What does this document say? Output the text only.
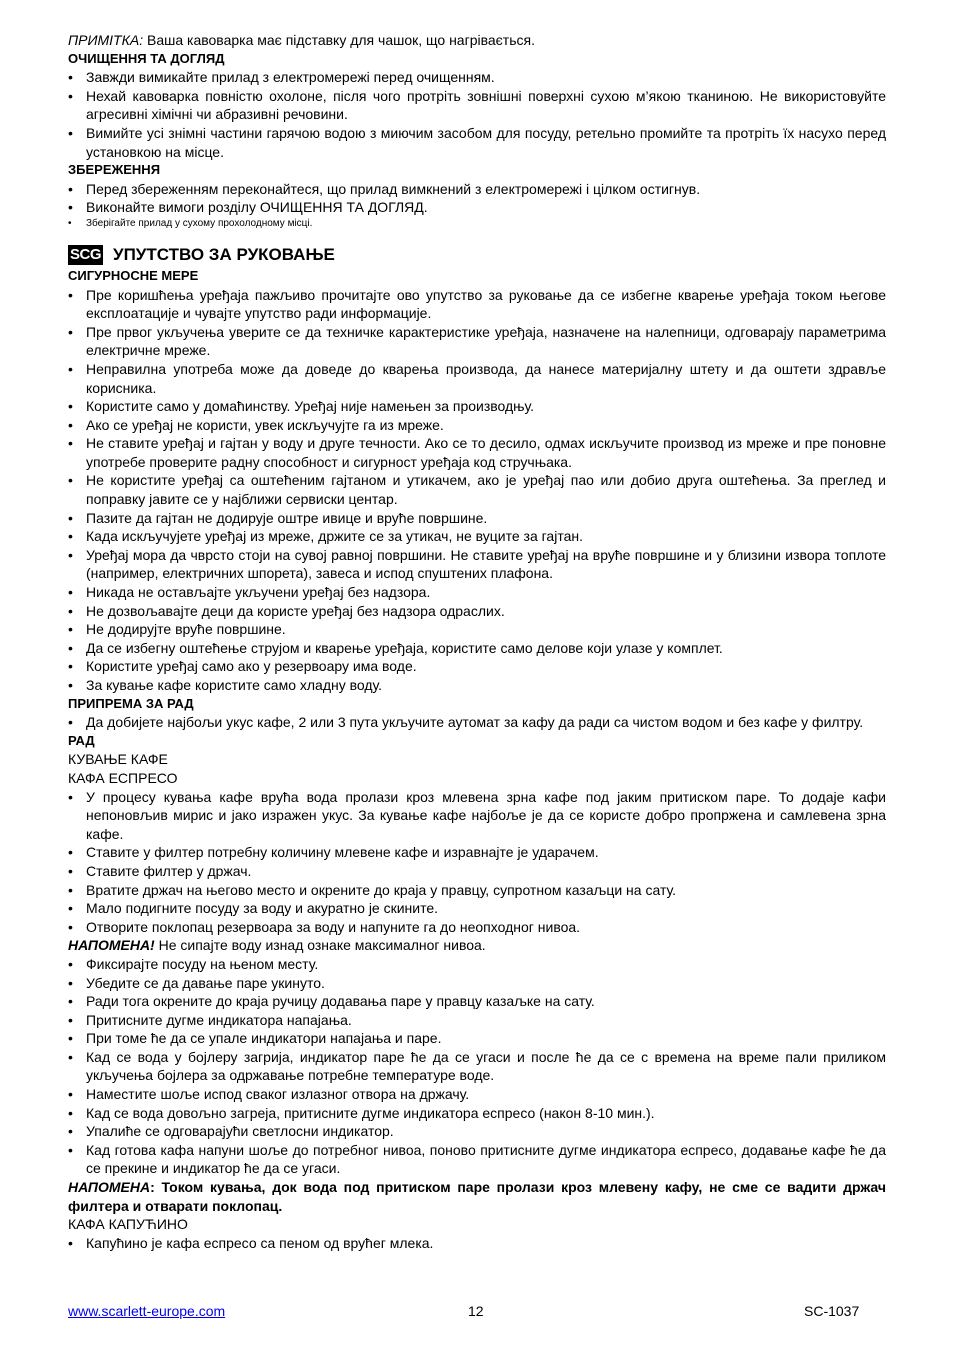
ПРИМІТКА: Ваша кавоварка має підставку для чашок, що нагрівається.

ОЧИЩЕННЯ ТА ДОГЛЯД

• Завжди вимикайте прилад з електромережі перед очищенням.
• Нехай кавоварка повністю охолоне, після чого протріть зовнішні поверхні сухою м’якою тканиною. Не використовуйте агресивні хімічні чи абразивні речовини.
• Вимийте усі знімні частини гарячою водою з миючим засобом для посуду, ретельно промийте та протріть їх насухо перед установкою на місце.

ЗБЕРЕЖЕННЯ

• Перед збереженням переконайтеся, що прилад вимкнений з електромережі і цілком остигнув.
• Виконайте вимоги розділу ОЧИЩЕННЯ ТА ДОГЛЯД.
• Зберігайте прилад у сухому прохолодному місці.
SCG УПУТСТВО ЗА РУКОВАЊЕ

СИГУРНОСНЕ МЕРЕ

• Пре коришћења уређаја пажљиво прочитајте ово упутство за руковање да се избегне кварење уређаја током његове експлоатације и чувајте упутство ради информације.
• Пре првог укључења уверите се да техничке карактеристике уређаја, назначене на налепници, одговарају параметрима електричне мреже.
• Неправилна употреба може да доведе до кварења производа, да нанесе материјалну штету и да оштети здравље корисника.
• Користите само у домаћинству. Уређај није намењен за производњу.
• Ако се уређај не користи, увек искључујте га из мреже.
• Не ставите уређај и гајтан у воду и друге течности. Ако се то десило, одмах искључите производ из мреже и пре поновне употребе проверите радну способност и сигурност уређаја код стручњака.
• Не користите уређај са оштећеним гајтаном и утикачем, ако је уређај пао или добио друга оштећења. За преглед и поправку јавите се у најближи сервиски центар.
• Пазите да гајтан не додирује оштре ивице и вруће површине.
• Када искључујете уређај из мреже, држите се за утикач, не вуците за гајтан.
• Уређај мора да чврсто стоји на сувој равној површини. Не ставите уређај на вруће површине и у близини извора топлоте (например, електричних шпорета), завеса и испод спуштених плафона.
• Никада не остављајте укључени уређај без надзора.
• Не дозвољавајте деци да користе уређај без надзора одраслих.
• Не додирујте вруће површине.
• Да се избегну оштећење струјом и кварење уређаја, користите само делове који улазе у комплет.
• Користите уређај само ако у резервоару има воде.
• За кување кафе користите само хладну воду.

ПРИПРЕМА ЗА РАД

• Да добијете најбољи укус кафе, 2 или 3 пута укључите аутомат за кафу да ради са чистом водом и без кафе у филтру.

РАД

КУВАЊЕ КАФЕ

КАФА ЕСПРЕСО

• У процесу кувања кафе врућа вода пролази кроз млевена зрна кафе под јаким притиском паре. То додаје кафи непоновљив мирис и јако изражен укус. За кување кафе најбоље је да се користе добро пропржена и самлевена зрна кафе.
• Ставите у филтер потребну количину млевене кафе и изравнајте је ударачем.
• Ставите филтер у држач.
• Вратите држач на његово место и окрените до краја у правцу, супротном казаљци на сату.
• Мало подигните посуду за воду и акуратно је скините.
• Отворите поклопац резервоара за воду и напуните га до неопходног нивоа.

НАПОМЕНА! Не сипајте воду изнад ознаке максималног нивоа.

• Фиксирајте посуду на њеном месту.
• Убедите се да давање паре укинуто.
• Ради тога окрените до краја ручицу додавања паре у правцу казаљке на сату.
• Притисните дугме индикатора напајања.
• При томе ће да се упале индикатори напајања и паре.
• Кад се вода у бојлеру загрија, индикатор паре ће да се угаси и после ће да се с времена на време пали приликом укључења бојлера за одржавање потребне температуре воде.
• Наместите шоље испод сваког излазног отвора на држачу.
• Кад се вода довољно загреја, притисните дугме индикатора еспресо (након 8-10 мин.).
• Упалиће се одговарајући светлосни индикатор.
• Кад готова кафа напуни шоље до потребног нивоа, поново притисните дугме индикатора еспресо, додавање кафе ће да се прекине и индикатор ће да се угаси.

НАПОМЕНА: Током кувања, док вода под притиском паре пролази кроз млевену кафу, не сме се вадити држач филтера и отварати поклопац.

КАФА КАПУЋИНО

• Капућино је кафа еспресо са пеном од врућег млека.
www.scarlett-europe.com	12	SC-1037
